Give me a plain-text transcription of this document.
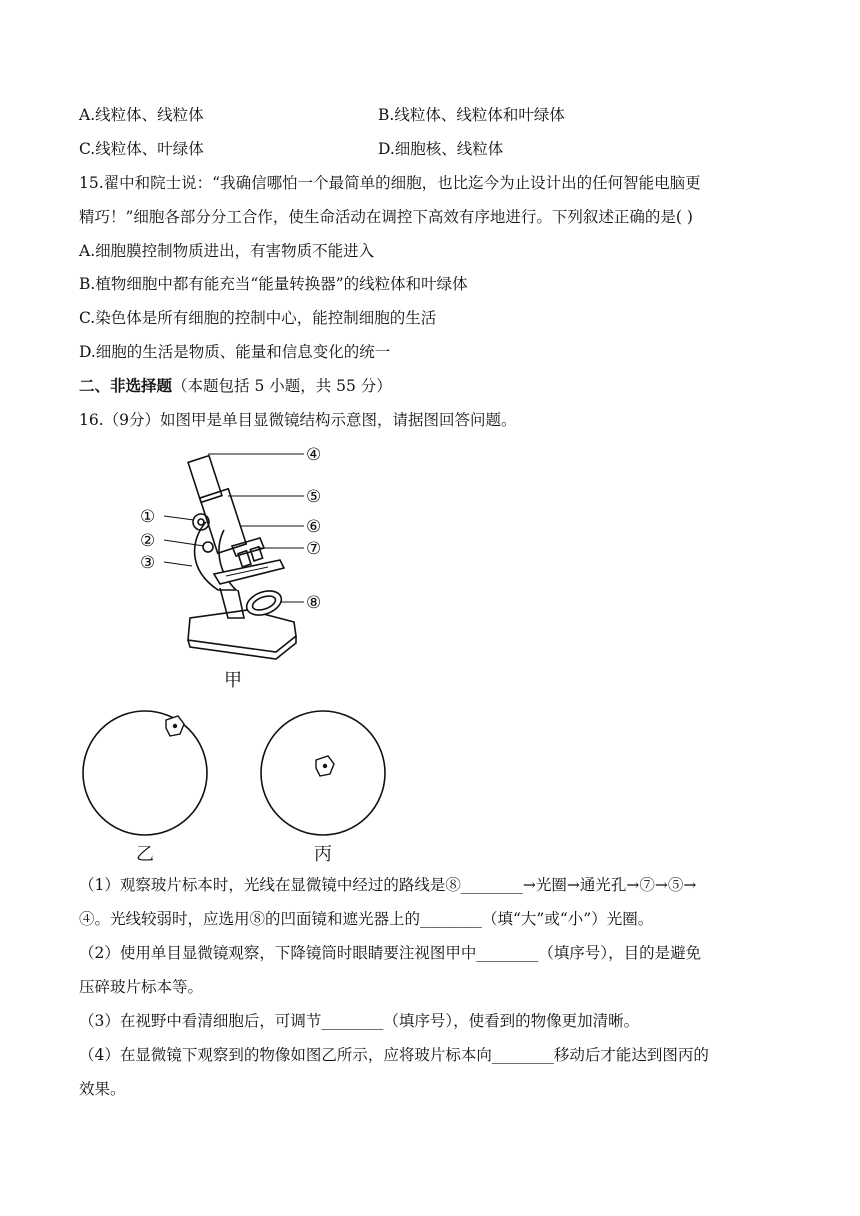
A.线粒体、线粒体	B.线粒体、线粒体和叶绿体
C.线粒体、叶绿体	D.细胞核、线粒体
15.翟中和院士说：“我确信哪怕一个最简单的细胞，也比迄今为止设计出的任何智能电脑更
精巧！”细胞各部分分工合作，使生命活动在调控下高效有序地进行。下列叙述正确的是( )
A.细胞膜控制物质进出，有害物质不能进入
B.植物细胞中都有能充当“能量转换器”的线粒体和叶绿体
C.染色体是所有细胞的控制中心，能控制细胞的生活
D.细胞的生活是物质、能量和信息变化的统一
二、非选择题（本题包括 5 小题，共 55 分）
16.（9分）如图甲是单目显微镜结构示意图，请据图回答问题。
④
⑤
⑥
⑦
⑧
①
②
③
甲
乙	丙
（1）观察玻片标本时，光线在显微镜中经过的路线是⑧________→光圈→通光孔→⑦→⑤→
④。光线较弱时，应选用⑧的凹面镜和遮光器上的________（填“大”或“小”）光圈。
（2）使用单目显微镜观察，下降镜筒时眼睛要注视图甲中________（填序号），目的是避免
压碎玻片标本等。
（3）在视野中看清细胞后，可调节________（填序号），使看到的物像更加清晰。
（4）在显微镜下观察到的物像如图乙所示，应将玻片标本向________移动后才能达到图丙的
效果。
